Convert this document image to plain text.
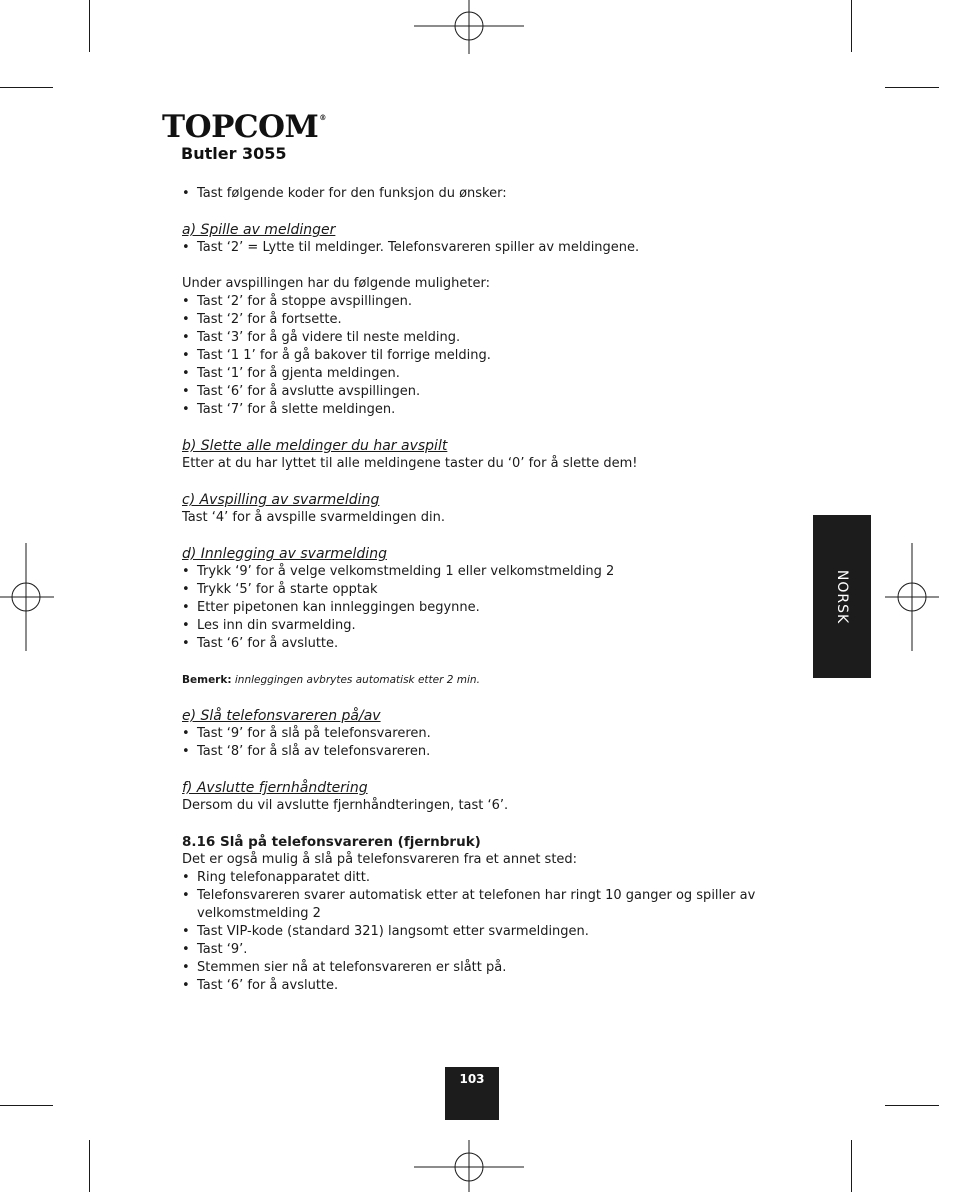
TOPCOM®
Butler 3055
• Tast følgende koder for den funksjon du ønsker:

a) Spille av meldinger

• Tast ‘2’ = Lytte til meldinger. Telefonsvareren spiller av meldingene.

Under avspillingen har du følgende muligheter:

• Tast ‘2’ for å stoppe avspillingen.
• Tast ‘2’ for å fortsette.
• Tast ‘3’ for å gå videre til neste melding.
• Tast ‘1 1’ for å gå bakover til forrige melding.
• Tast ‘1’ for å gjenta meldingen.
• Tast ‘6’ for å avslutte avspillingen.
• Tast ‘7’ for å slette meldingen.

b) Slette alle meldinger du har avspilt

Etter at du har lyttet til alle meldingene taster du ‘0’ for å slette dem!

c) Avspilling av svarmelding

Tast ‘4’ for å avspille svarmeldingen din.

d) Innlegging av svarmelding

• Trykk ‘9’ for å velge velkomstmelding 1 eller velkomstmelding 2
• Trykk ‘5’ for å starte opptak
• Etter pipetonen kan innleggingen begynne.
• Les inn din svarmelding.
• Tast ‘6’ for å avslutte.

Bemerk: innleggingen avbrytes automatisk etter 2 min.

e) Slå telefonsvareren på/av

• Tast ‘9’ for å slå på telefonsvareren.
• Tast ‘8’ for å slå av telefonsvareren.

f) Avslutte fjernhåndtering

Dersom du vil avslutte fjernhåndteringen, tast ‘6’.

8.16 Slå på telefonsvareren (fjernbruk)

Det er også mulig å slå på telefonsvareren fra et annet sted:

• Ring telefonapparatet ditt.
• Telefonsvareren svarer automatisk etter at telefonen har ringt 10 ganger og spiller av velkomstmelding 2
• Tast VIP-kode (standard 321) langsomt etter svarmeldingen.
• Tast ‘9’.
• Stemmen sier nå at telefonsvareren er slått på.
• Tast ‘6’ for å avslutte.
NORSK
103
